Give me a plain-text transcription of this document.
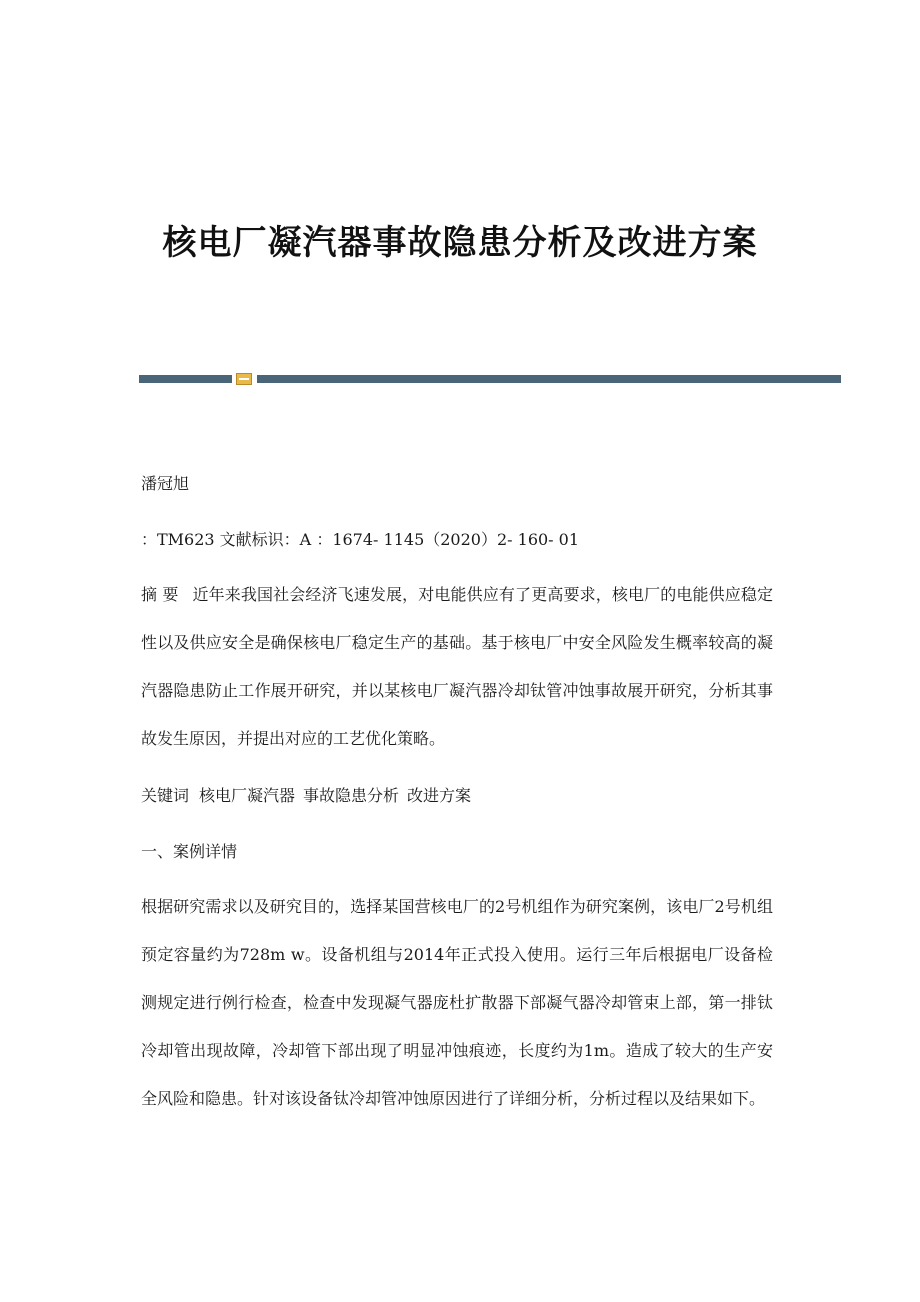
核电厂凝汽器事故隐患分析及改进方案
潘冠旭
：TM623 文献标识：A ：1674- 1145（2020）2- 160- 01
摘 要 近年来我国社会经济飞速发展，对电能供应有了更高要求，核电厂的电能供应稳定性以及供应安全是确保核电厂稳定生产的基础。基于核电厂中安全风险发生概率较高的凝汽器隐患防止工作展开研究，并以某核电厂凝汽器冷却钛管冲蚀事故展开研究，分析其事故发生原因，并提出对应的工艺优化策略。
关键词 核电厂凝汽器 事故隐患分析 改进方案
一、案例详情
根据研究需求以及研究目的，选择某国营核电厂的2号机组作为研究案例，该电厂2号机组预定容量约为728m w。设备机组与2014年正式投入使用。运行三年后根据电厂设备检测规定进行例行检查，检查中发现凝气器庞杜扩散器下部凝气器冷却管束上部，第一排钛冷却管出现故障，冷却管下部出现了明显冲蚀痕迹，长度约为1m。造成了较大的生产安全风险和隐患。针对该设备钛冷却管冲蚀原因进行了详细分析，分析过程以及结果如下。
